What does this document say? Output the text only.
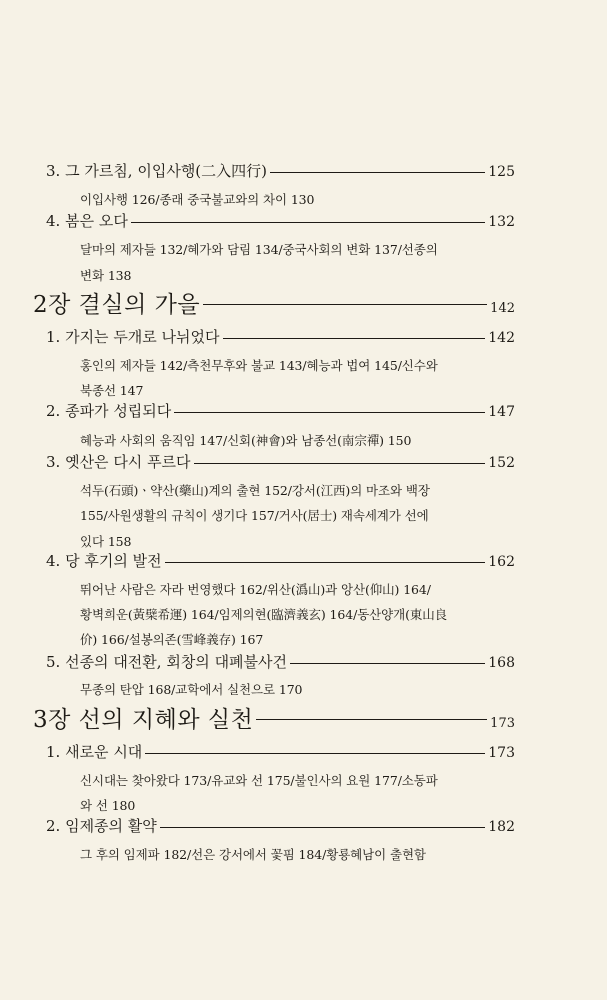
3. 그 가르침, 이입사행(二入四行)	125
이입사행 126/종래 중국불교와의 차이 130
4. 봄은 오다	132
달마의 제자들 132/혜가와 담림 134/중국사회의 변화 137/선종의
변화 138
2장 결실의 가을	142
1. 가지는 두개로 나뉘었다	142
홍인의 제자들 142/측천무후와 불교 143/혜능과 법여 145/신수와
북종선 147
2. 종파가 성립되다	147
혜능과 사회의 움직임 147/신회(神會)와 남종선(南宗禪) 150
3. 옛산은 다시 푸르다	152
석두(石頭)ㆍ약산(藥山)계의 출현 152/강서(江西)의 마조와 백장
155/사원생활의 규칙이 생기다 157/거사(居士) 재속세계가 선에
있다 158
4. 당 후기의 발전	162
뛰어난 사람은 자라 번영했다 162/위산(潙山)과 앙산(仰山) 164/
황벽희운(黃檗希運) 164/임제의현(臨濟義玄) 164/동산양개(東山良
价) 166/설봉의존(雪峰義存) 167
5. 선종의 대전환, 회창의 대폐불사건	168
무종의 탄압 168/교학에서 실천으로 170
3장 선의 지혜와 실천	173
1. 새로운 시대	173
신시대는 찾아왔다 173/유교와 선 175/불인사의 요원 177/소동파
와 선 180
2. 임제종의 활약	182
그 후의 임제파 182/선은 강서에서 꽃핌 184/황룡혜남이 출현함
